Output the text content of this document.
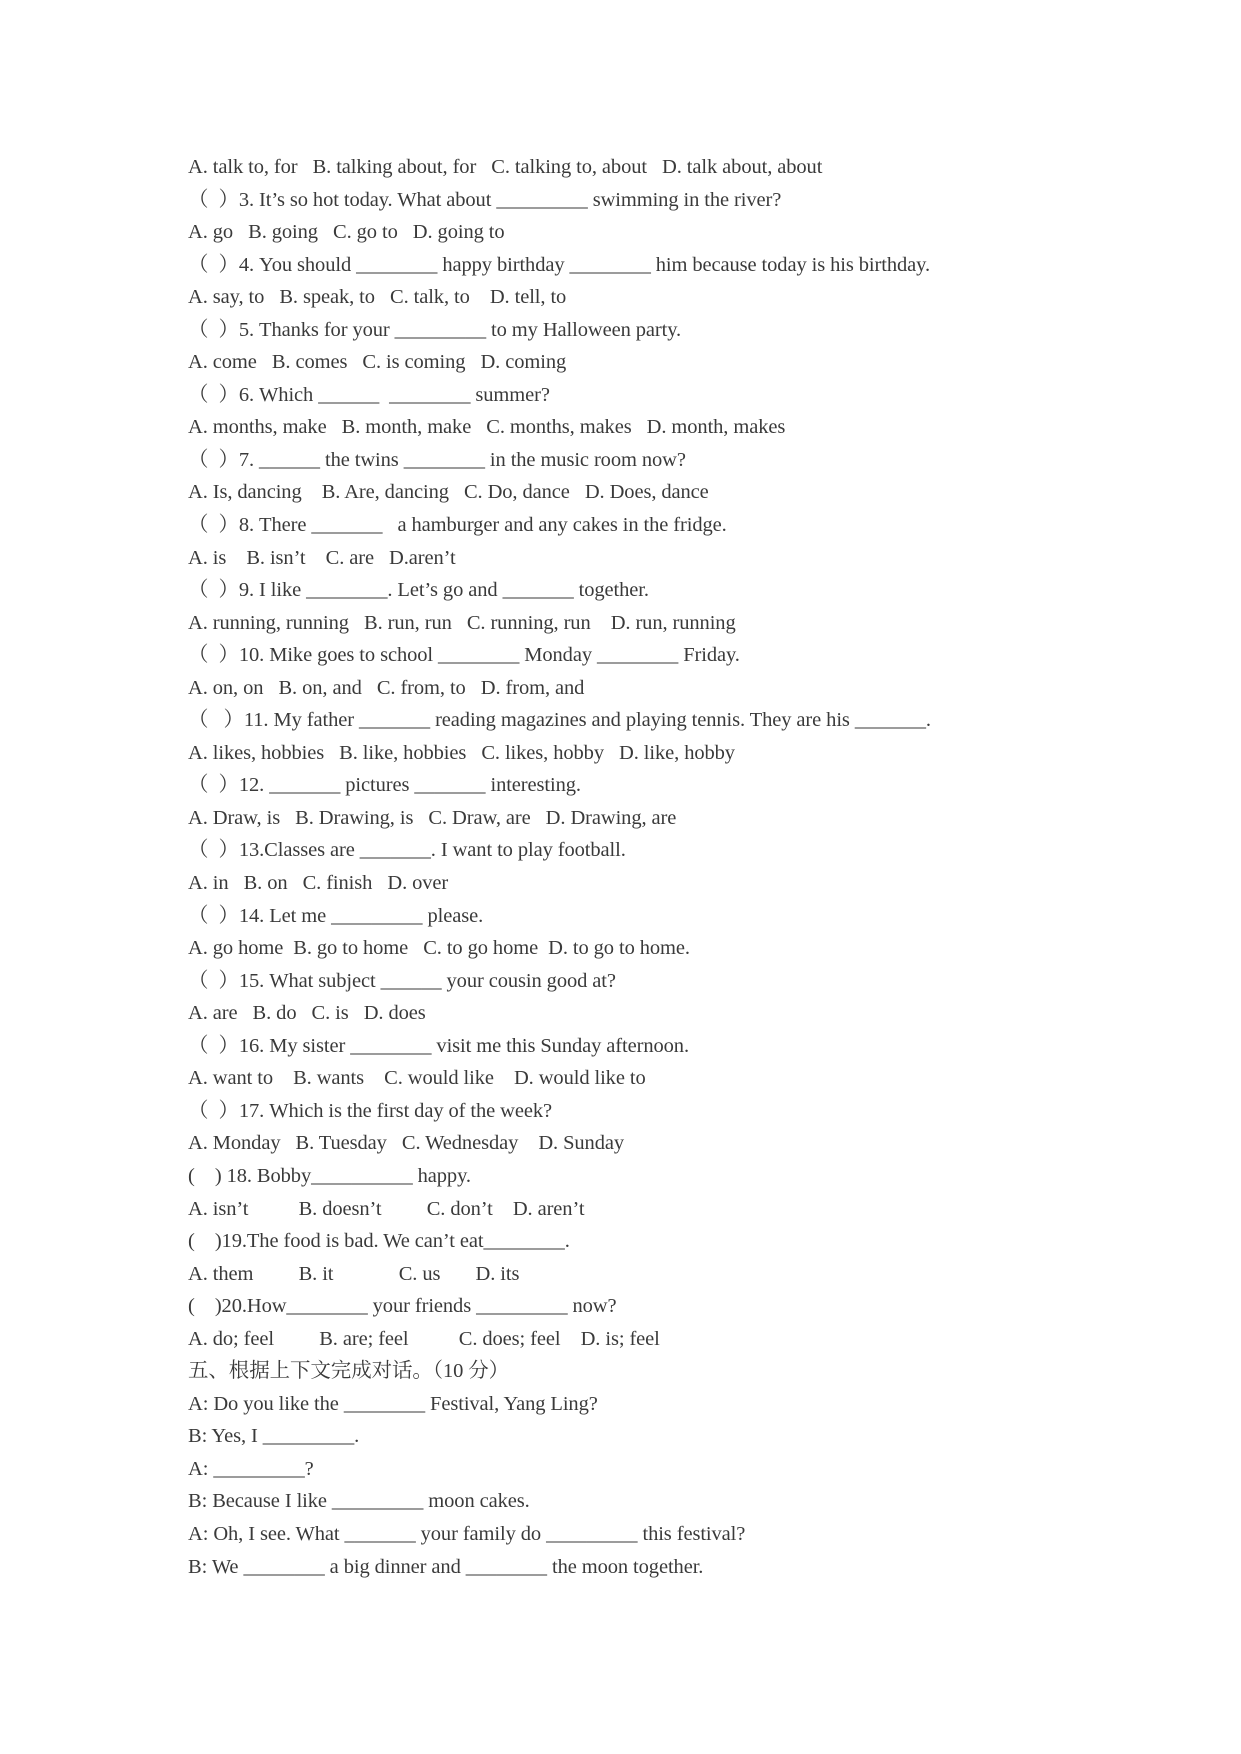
A. talk to, for   B. talking about, for   C. talking to, about   D. talk about, about
（  ）3. It’s so hot today. What about _________ swimming in the river?
A. go   B. going   C. go to   D. going to
（  ）4. You should ________ happy birthday ________ him because today is his birthday.
A. say, to   B. speak, to   C. talk, to    D. tell, to
（  ）5. Thanks for your _________ to my Halloween party.
A. come   B. comes   C. is coming   D. coming
（  ）6. Which ______  ________ summer?
A. months, make   B. month, make   C. months, makes   D. month, makes
（  ）7. ______ the twins ________ in the music room now?
A. Is, dancing    B. Are, dancing   C. Do, dance   D. Does, dance
（  ）8. There _______   a hamburger and any cakes in the fridge.
A. is    B. isn’t    C. are   D.aren’t
（  ）9. I like ________. Let’s go and _______ together.
A. running, running   B. run, run   C. running, run    D. run, running
（  ）10. Mike goes to school ________ Monday ________ Friday.
A. on, on   B. on, and   C. from, to   D. from, and
（   ）11. My father _______ reading magazines and playing tennis. They are his _______.
A. likes, hobbies   B. like, hobbies   C. likes, hobby   D. like, hobby
（  ）12. _______ pictures _______ interesting.
A. Draw, is   B. Drawing, is   C. Draw, are   D. Drawing, are
（  ）13.Classes are _______. I want to play football.
A. in   B. on   C. finish   D. over
（  ）14. Let me _________ please.
A. go home  B. go to home   C. to go home  D. to go to home.
（  ）15. What subject ______ your cousin good at?
A. are   B. do   C. is   D. does
（  ）16. My sister ________ visit me this Sunday afternoon.
A. want to    B. wants    C. would like    D. would like to
（  ）17. Which is the first day of the week?
A. Monday   B. Tuesday   C. Wednesday    D. Sunday
(    ) 18. Bobby__________ happy.
A. isn’t          B. doesn’t         C. don’t    D. aren’t
(    )19.The food is bad. We can’t eat________.
A. them         B. it             C. us       D. its
(    )20.How________ your friends _________ now?
A. do; feel         B. are; feel          C. does; feel    D. is; feel
五、根据上下文完成对话。（10 分）
A: Do you like the ________ Festival, Yang Ling?
B: Yes, I _________.
A: _________?
B: Because I like _________ moon cakes.
A: Oh, I see. What _______ your family do _________ this festival?
B: We ________ a big dinner and ________ the moon together.
